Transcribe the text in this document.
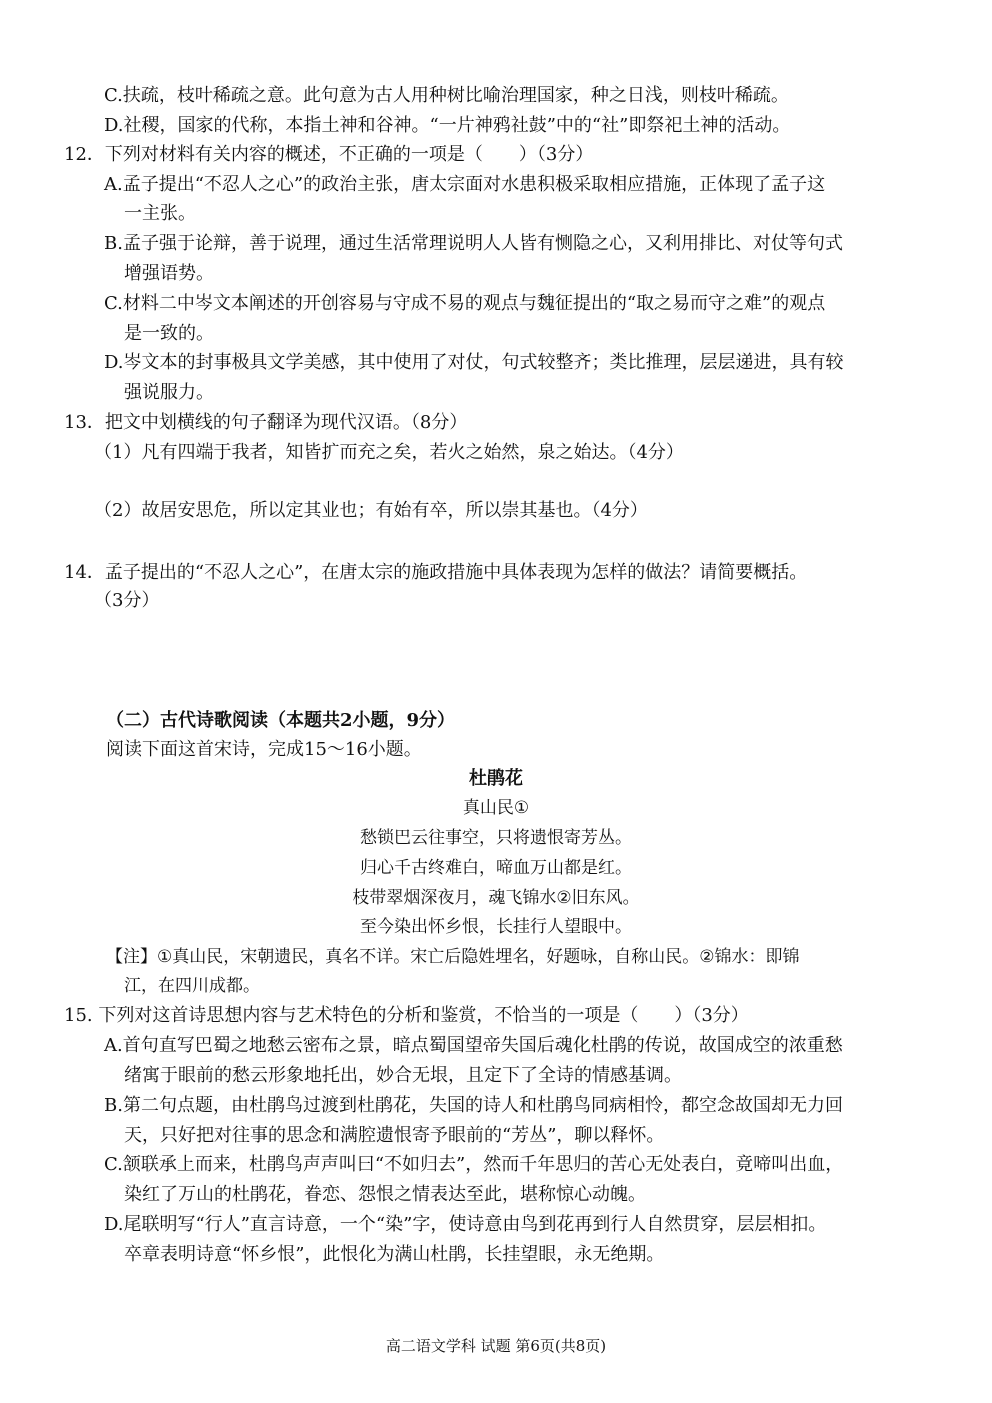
C.扶疏，枝叶稀疏之意。此句意为古人用种树比喻治理国家，种之日浅，则枝叶稀疏。
D.社稷，国家的代称，本指土神和谷神。“一片神鸦社鼓”中的“社”即祭祀土神的活动。
12．下列对材料有关内容的概述，不正确的一项是（　　）（3分）
A.孟子提出“不忍人之心”的政治主张，唐太宗面对水患积极采取相应措施，正体现了孟子这
一主张。
B.孟子强于论辩，善于说理，通过生活常理说明人人皆有恻隐之心，又利用排比、对仗等句式
增强语势。
C.材料二中岑文本阐述的开创容易与守成不易的观点与魏征提出的“取之易而守之难”的观点
是一致的。
D.岑文本的封事极具文学美感，其中使用了对仗，句式较整齐；类比推理，层层递进，具有较
强说服力。
13．把文中划横线的句子翻译为现代汉语。（8分）
（1）凡有四端于我者，知皆扩而充之矣，若火之始然，泉之始达。（4分）
（2）故居安思危，所以定其业也；有始有卒，所以崇其基也。（4分）
14．孟子提出的“不忍人之心”，在唐太宗的施政措施中具体表现为怎样的做法？请简要概括。
（3分）
（二）古代诗歌阅读（本题共2小题，9分）
阅读下面这首宋诗，完成15～16小题。
杜鹃花
真山民①
愁锁巴云往事空，只将遗恨寄芳丛。
归心千古终难白，啼血万山都是红。
枝带翠烟深夜月，魂飞锦水②旧东风。
至今染出怀乡恨，长挂行人望眼中。
【注】①真山民，宋朝遗民，真名不详。宋亡后隐姓埋名，好题咏，自称山民。②锦水：即锦
江，在四川成都。
15. 下列对这首诗思想内容与艺术特色的分析和鉴赏，不恰当的一项是（　　）（3分）
A.首句直写巴蜀之地愁云密布之景，暗点蜀国望帝失国后魂化杜鹃的传说，故国成空的浓重愁
绪寓于眼前的愁云形象地托出，妙合无垠，且定下了全诗的情感基调。
B.第二句点题，由杜鹃鸟过渡到杜鹃花，失国的诗人和杜鹃鸟同病相怜，都空念故国却无力回
天，只好把对往事的思念和满腔遗恨寄予眼前的“芳丛”，聊以释怀。
C.颔联承上而来，杜鹃鸟声声叫曰“不如归去”，然而千年思归的苦心无处表白，竟啼叫出血，
染红了万山的杜鹃花，眷恋、怨恨之情表达至此，堪称惊心动魄。
D.尾联明写“行人”直言诗意，一个“染”字，使诗意由鸟到花再到行人自然贯穿，层层相扣。
卒章表明诗意“怀乡恨”，此恨化为满山杜鹃，长挂望眼，永无绝期。
高二语文学科 试题 第6页(共8页)
